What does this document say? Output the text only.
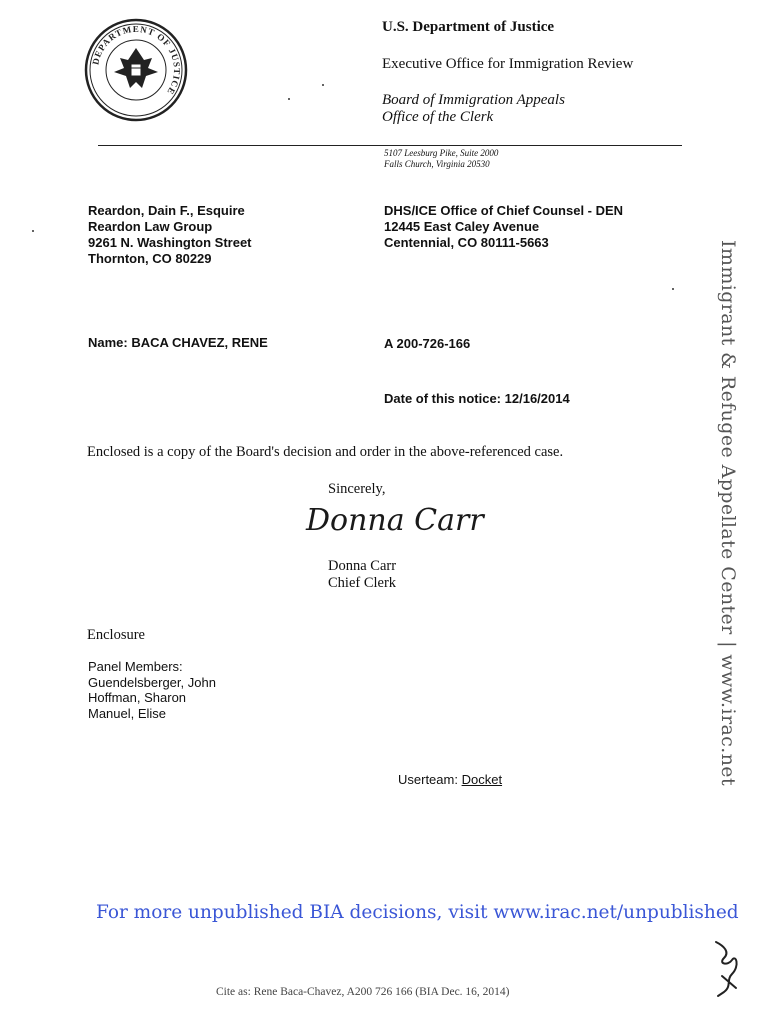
DEPARTMENT OF JUSTICE
U.S. Department of Justice
Executive Office for Immigration Review
Board of Immigration Appeals
Office of the Clerk
5107 Leesburg Pike, Suite 2000
Falls Church, Virginia 20530
Reardon, Dain F., Esquire
Reardon Law Group
9261 N. Washington Street
Thornton, CO 80229
DHS/ICE Office of Chief Counsel - DEN
12445 East Caley Avenue
Centennial, CO 80111-5663
Name: BACA CHAVEZ, RENE	A 200-726-166
Date of this notice: 12/16/2014
Enclosed is a copy of the Board's decision and order in the above-referenced case.
Sincerely,
Donna Carr
Donna Carr
Chief Clerk
Enclosure
Panel Members:
Guendelsberger, John
Hoffman, Sharon
Manuel, Elise
Userteam: Docket	Immigrant & Refugee Appellate Center | www.irac.net
For more unpublished BIA decisions, visit www.irac.net/unpublished
Cite as: Rene Baca-Chavez, A200 726 166 (BIA Dec. 16, 2014)
